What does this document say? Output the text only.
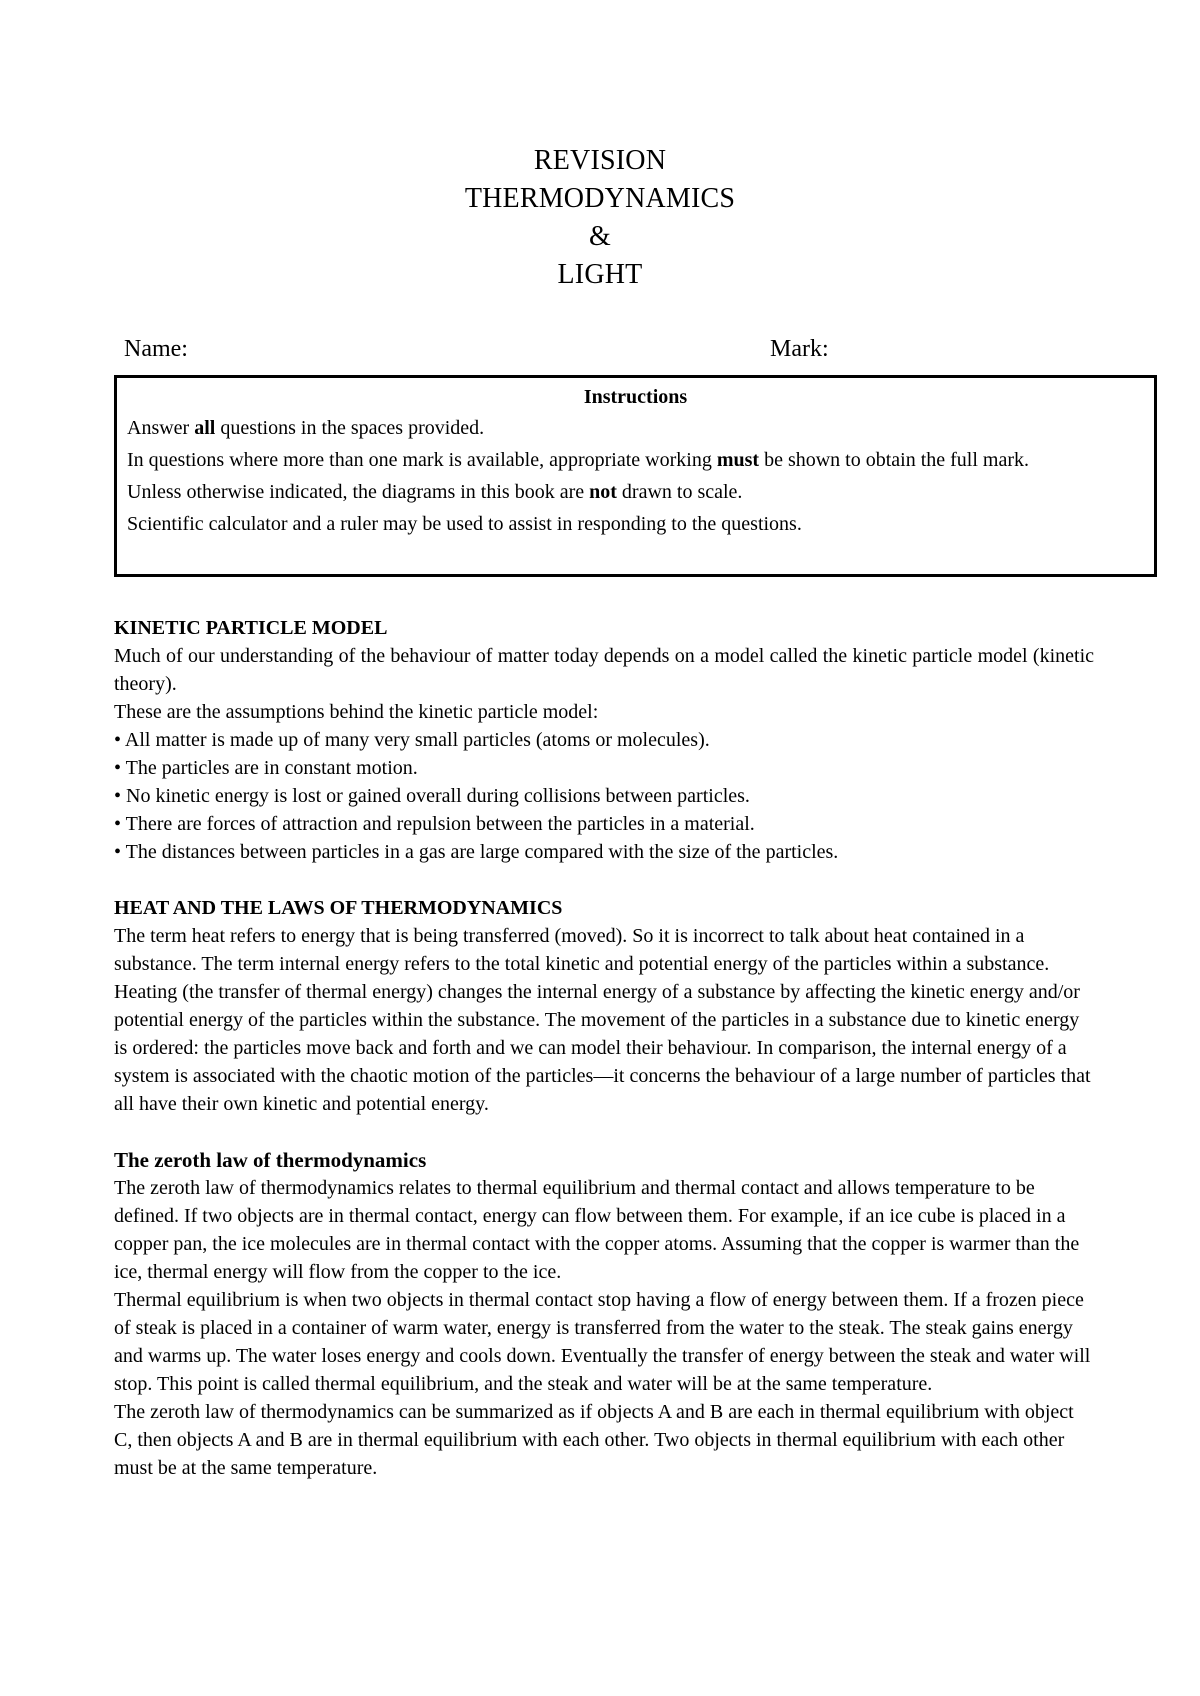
REVISION
THERMODYNAMICS
&
LIGHT
Name:	Mark:
Instructions
Answer all questions in the spaces provided.
In questions where more than one mark is available, appropriate working must be shown to obtain the full mark.
Unless otherwise indicated, the diagrams in this book are not drawn to scale.
Scientific calculator and a ruler may be used to assist in responding to the questions.
KINETIC PARTICLE MODEL

Much of our understanding of the behaviour of matter today depends on a model called the kinetic particle model (kinetic theory).

These are the assumptions behind the kinetic particle model:

• All matter is made up of many very small particles (atoms or molecules).

• The particles are in constant motion.

• No kinetic energy is lost or gained overall during collisions between particles.

• There are forces of attraction and repulsion between the particles in a material.

• The distances between particles in a gas are large compared with the size of the particles.

HEAT AND THE LAWS OF THERMODYNAMICS

The term heat refers to energy that is being transferred (moved). So it is incorrect to talk about heat contained in a substance. The term internal energy refers to the total kinetic and potential energy of the particles within a substance. Heating (the transfer of thermal energy) changes the internal energy of a substance by affecting the kinetic energy and/or potential energy of the particles within the substance. The movement of the particles in a substance due to kinetic energy is ordered: the particles move back and forth and we can model their behaviour. In comparison, the internal energy of a system is associated with the chaotic motion of the particles—it concerns the behaviour of a large number of particles that all have their own kinetic and potential energy.

The zeroth law of thermodynamics

The zeroth law of thermodynamics relates to thermal equilibrium and thermal contact and allows temperature to be defined. If two objects are in thermal contact, energy can flow between them. For example, if an ice cube is placed in a copper pan, the ice molecules are in thermal contact with the copper atoms. Assuming that the copper is warmer than the ice, thermal energy will flow from the copper to the ice.

Thermal equilibrium is when two objects in thermal contact stop having a flow of energy between them. If a frozen piece of steak is placed in a container of warm water, energy is transferred from the water to the steak. The steak gains energy and warms up. The water loses energy and cools down. Eventually the transfer of energy between the steak and water will stop. This point is called thermal equilibrium, and the steak and water will be at the same temperature.

The zeroth law of thermodynamics can be summarized as if objects A and B are each in thermal equilibrium with object C, then objects A and B are in thermal equilibrium with each other. Two objects in thermal equilibrium with each other must be at the same temperature.
